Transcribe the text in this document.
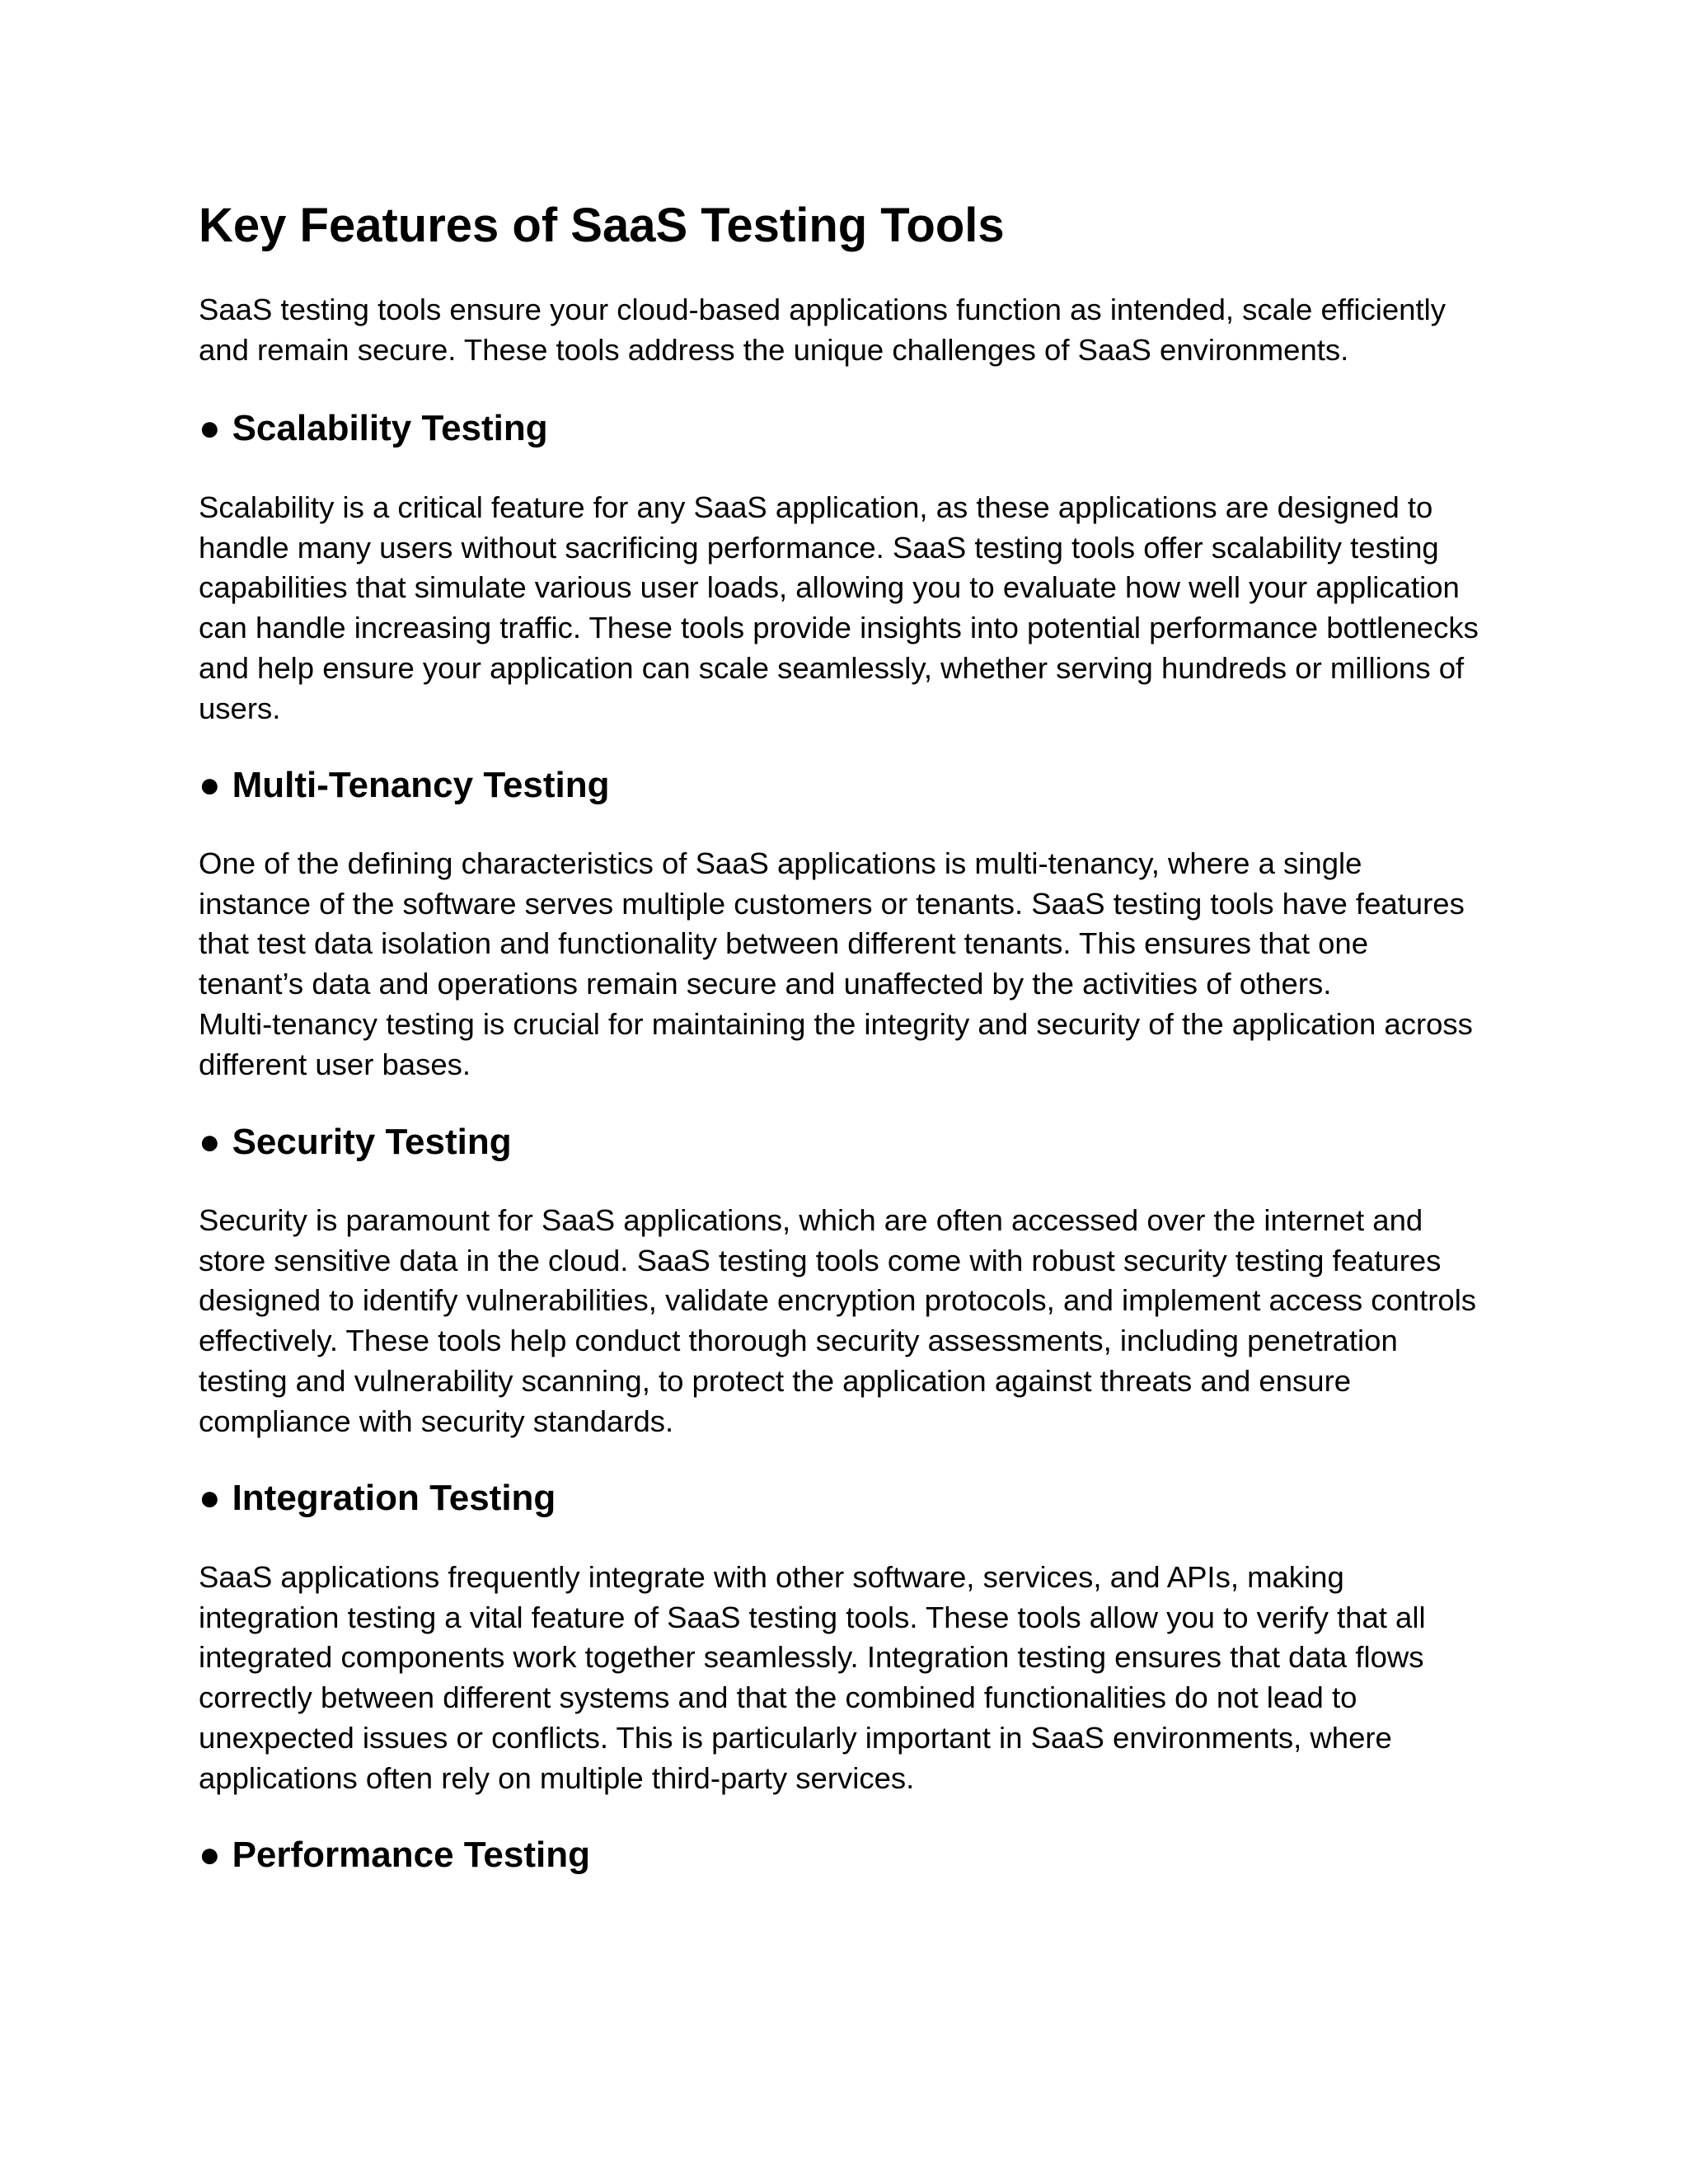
Key Features of SaaS Testing Tools

SaaS testing tools ensure your cloud-based applications function as intended, scale efficiently
and remain secure. These tools address the unique challenges of SaaS environments.

● Scalability Testing

Scalability is a critical feature for any SaaS application, as these applications are designed to
handle many users without sacrificing performance. SaaS testing tools offer scalability testing
capabilities that simulate various user loads, allowing you to evaluate how well your application
can handle increasing traffic. These tools provide insights into potential performance bottlenecks
and help ensure your application can scale seamlessly, whether serving hundreds or millions of
users.

● Multi-Tenancy Testing

One of the defining characteristics of SaaS applications is multi-tenancy, where a single
instance of the software serves multiple customers or tenants. SaaS testing tools have features
that test data isolation and functionality between different tenants. This ensures that one
tenant’s data and operations remain secure and unaffected by the activities of others.
Multi-tenancy testing is crucial for maintaining the integrity and security of the application across
different user bases.

● Security Testing

Security is paramount for SaaS applications, which are often accessed over the internet and
store sensitive data in the cloud. SaaS testing tools come with robust security testing features
designed to identify vulnerabilities, validate encryption protocols, and implement access controls
effectively. These tools help conduct thorough security assessments, including penetration
testing and vulnerability scanning, to protect the application against threats and ensure
compliance with security standards.

● Integration Testing

SaaS applications frequently integrate with other software, services, and APIs, making
integration testing a vital feature of SaaS testing tools. These tools allow you to verify that all
integrated components work together seamlessly. Integration testing ensures that data flows
correctly between different systems and that the combined functionalities do not lead to
unexpected issues or conflicts. This is particularly important in SaaS environments, where
applications often rely on multiple third-party services.

● Performance Testing
